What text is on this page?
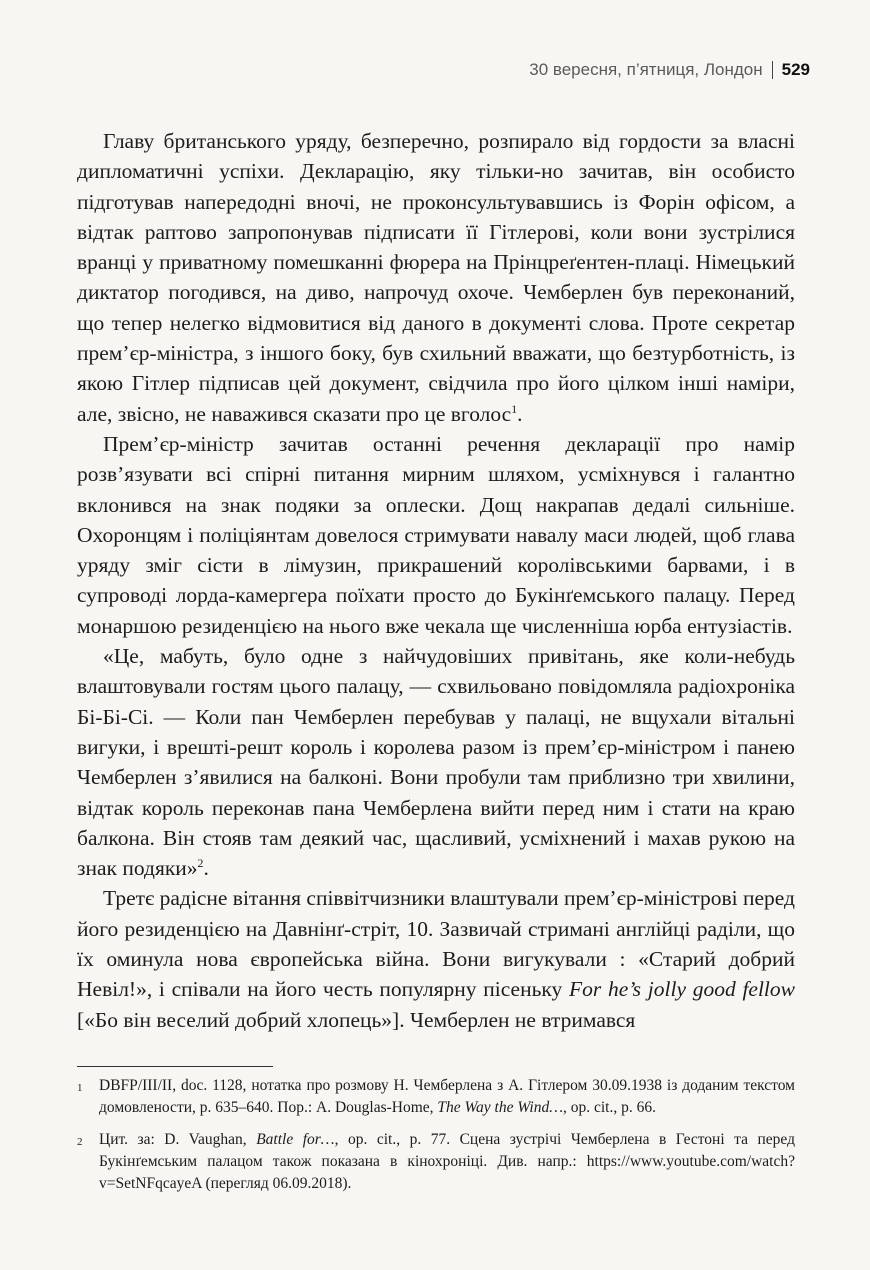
30 вересня, п’ятниця, Лондон 529

Главу британського уряду, безперечно, розпирало від гордости за власні дипломатичні успіхи. Декларацію, яку тільки-но зачитав, він особисто підготував напередодні вночі, не проконсультувавшись із Форін офісом, а відтак раптово запропонував підписати її Гітлерові, коли вони зустрілися вранці у приватному помешканні фюрера на Прінцреґентен-плаці. Німецький диктатор погодився, на диво, напрочуд охоче. Чемберлен був переконаний, що тепер нелегко відмовитися від даного в документі слова. Проте секретар прем’єр-міністра, з іншого боку, був схильний вважати, що безтурботність, із якою Гітлер підписав цей документ, свідчила про його цілком інші наміри, але, звісно, не наважився сказати про це вголос$^1$.

Прем’єр-міністр зачитав останні речення декларації про намір розв’язувати всі спірні питання мирним шляхом, усміхнувся і галантно вклонився на знак подяки за оплески. Дощ накрапав дедалі сильніше. Охоронцям і поліціянтам довелося стримувати навалу маси людей, щоб глава уряду зміг сісти в лімузин, прикрашений королівськими барвами, і в супроводі лорда-камергера поїхати просто до Букінґемського палацу. Перед монаршою резиденцією на нього вже чекала ще численніша юрба ентузіастів.

«Це, мабуть, було одне з найчудовіших привітань, яке коли-небудь влаштовували гостям цього палацу, — схвильовано повідомляла радіохроніка Бі-Бі-Сі. — Коли пан Чемберлен перебував у палаці, не вщухали вітальні вигуки, і врешті-решт король і королева разом із прем’єр-міністром і панею Чемберлен з’явилися на балконі. Вони пробули там приблизно три хвилини, відтак король переконав пана Чемберлена вийти перед ним і стати на краю балкона. Він стояв там деякий час, щасливий, усміхнений і махав рукою на знак подяки»$^2$.

Третє радісне вітання співвітчизники влаштували прем’єр-міністрові перед його резиденцією на Давнінґ-стріт, 10. Зазвичай стримані англійці раділи, що їх оминула нова європейська війна. Вони вигукували : «Старий добрий Невіл!», і співали на його честь популярну пісеньку For he’s jolly good fellow [«Бо він веселий добрий хлопець»]. Чемберлен не втримався

1	DBFP/III/II, doc. 1128, нотатка про розмову Н. Чемберлена з А. Гітлером 30.09.1938 із доданим текстом домовлености, p. 635–640. Пор.: A. Douglas-Home, The Way the Wind…, op. cit., p. 66.
2	Цит. за: D. Vaughan, Battle for…, op. cit., p. 77. Сцена зустрічі Чемберлена в Гестоні та перед Букінґемським палацом також показана в кінохроніці. Див. напр.: https://www.youtube.com/watch?v=SetNFqcayeA (перегляд 06.09.2018).
